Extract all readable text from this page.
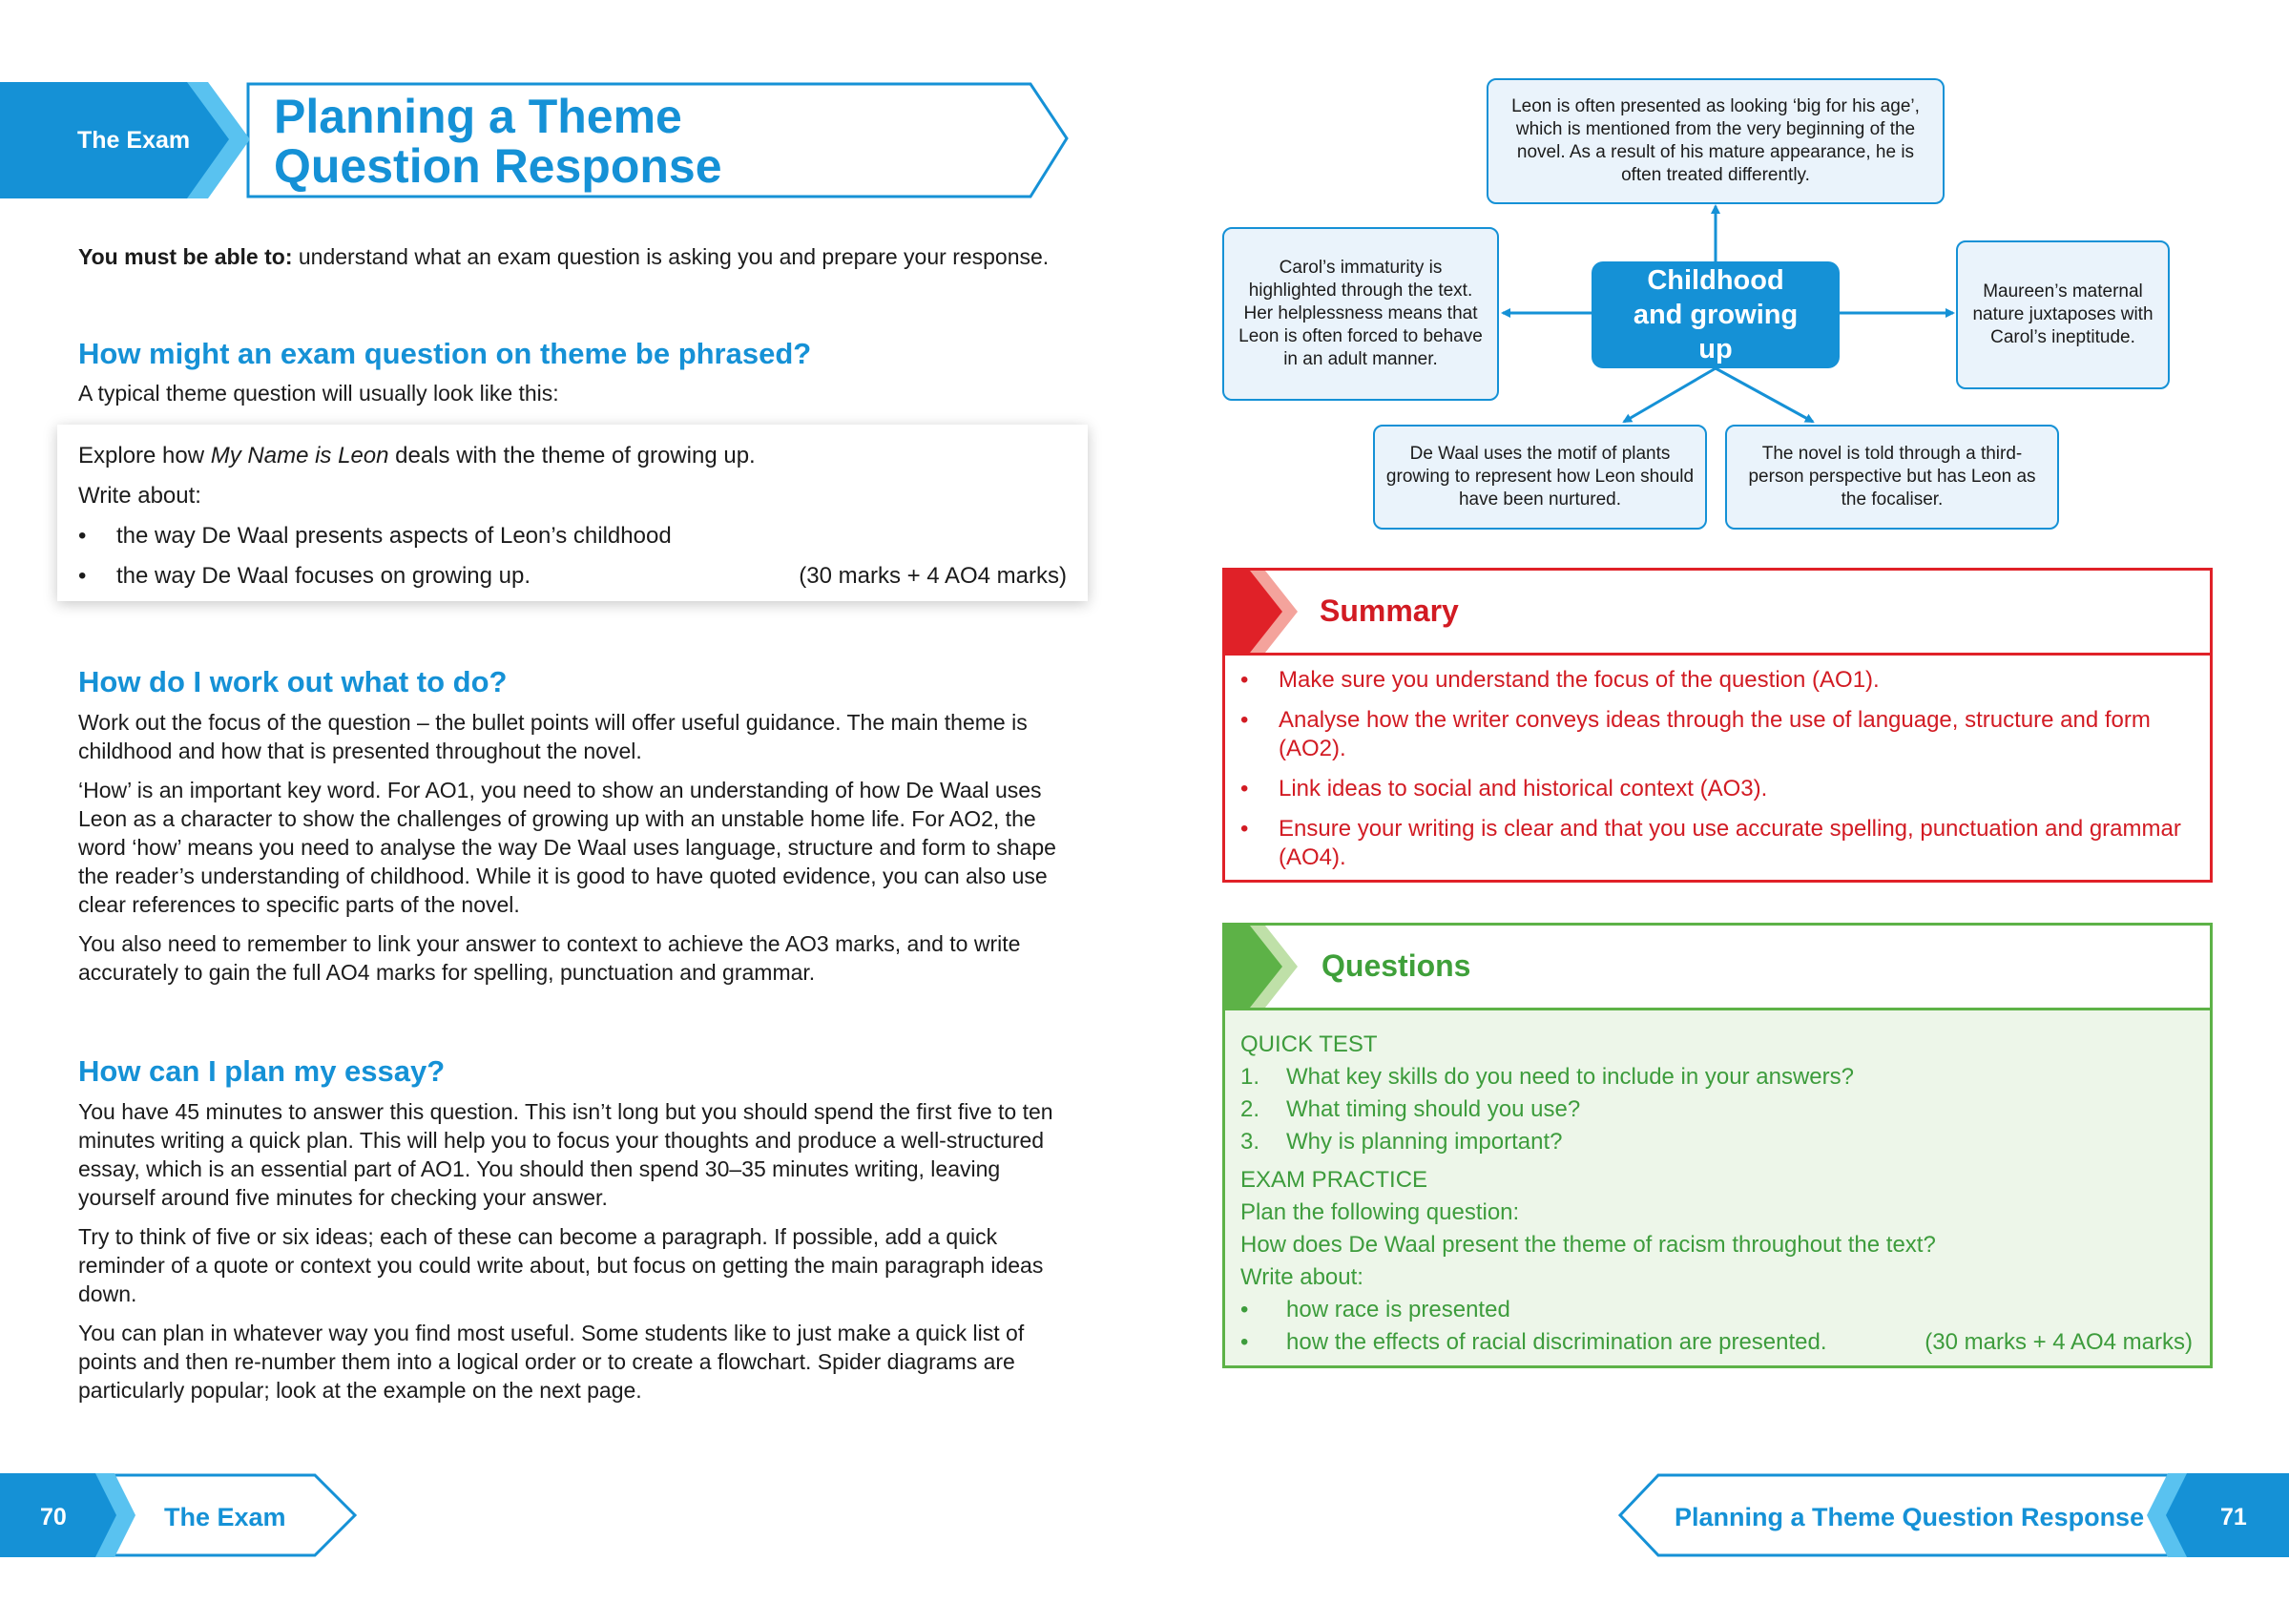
The Exam Planning a Theme
Question Response
You must be able to: understand what an exam question is asking you and prepare your response.
How might an exam question on theme be phrased?
A typical theme question will usually look like this:
Explore how My Name is Leon deals with the theme of growing up.
Write about:
•	the way De Waal presents aspects of Leon’s childhood
•	the way De Waal focuses on growing up.	(30 marks + 4 AO4 marks)
How do I work out what to do?

Work out the focus of the question – the bullet points will offer useful guidance. The main theme is childhood and how that is presented throughout the novel.

‘How’ is an important key word. For AO1, you need to show an understanding of how De Waal uses Leon as a character to show the challenges of growing up with an unstable home life. For AO2, the word ‘how’ means you need to analyse the way De Waal uses language, structure and form to shape the reader’s understanding of childhood. While it is good to have quoted evidence, you can also use clear references to specific parts of the novel.

You also need to remember to link your answer to context to achieve the AO3 marks, and to write accurately to gain the full AO4 marks for spelling, punctuation and grammar.

How can I plan my essay?

You have 45 minutes to answer this question. This isn’t long but you should spend the first five to ten minutes writing a quick plan. This will help you to focus your thoughts and produce a well-structured essay, which is an essential part of AO1. You should then spend 30–35 minutes writing, leaving yourself around five minutes for checking your answer.

Try to think of five or six ideas; each of these can become a paragraph. If possible, add a quick reminder of a quote or context you could write about, but focus on getting the main paragraph ideas down.

You can plan in whatever way you find most useful. Some students like to just make a quick list of points and then re-number them into a logical order or to create a flowchart. Spider diagrams are particularly popular; look at the example on the next page.

70	The Exam
Leon is often presented as looking ‘big for his age’, which is mentioned from the very beginning of the novel. As a result of his mature appearance, he is often treated differently.
Carol’s immaturity is highlighted through the text. Her helplessness means that Leon is often forced to behave in an adult manner.
Childhood and growing up
Maureen’s maternal nature juxtaposes with Carol’s ineptitude.
De Waal uses the motif of plants growing to represent how Leon should have been nurtured.
The novel is told through a third-person perspective but has Leon as the focaliser.
Summary
•	Make sure you understand the focus of the question (AO1).
•	Analyse how the writer conveys ideas through the use of language, structure and form (AO2).
•	Link ideas to social and historical context (AO3).
•	Ensure your writing is clear and that you use accurate spelling, punctuation and grammar (AO4).
Questions
QUICK TEST
1.	What key skills do you need to include in your answers?
2.	What timing should you use?
3.	Why is planning important?
EXAM PRACTICE
Plan the following question:
How does De Waal present the theme of racism throughout the text?
Write about:
•	how race is presented
•	how the effects of racial discrimination are presented.	(30 marks + 4 AO4 marks)
Planning a Theme Question Response	71
